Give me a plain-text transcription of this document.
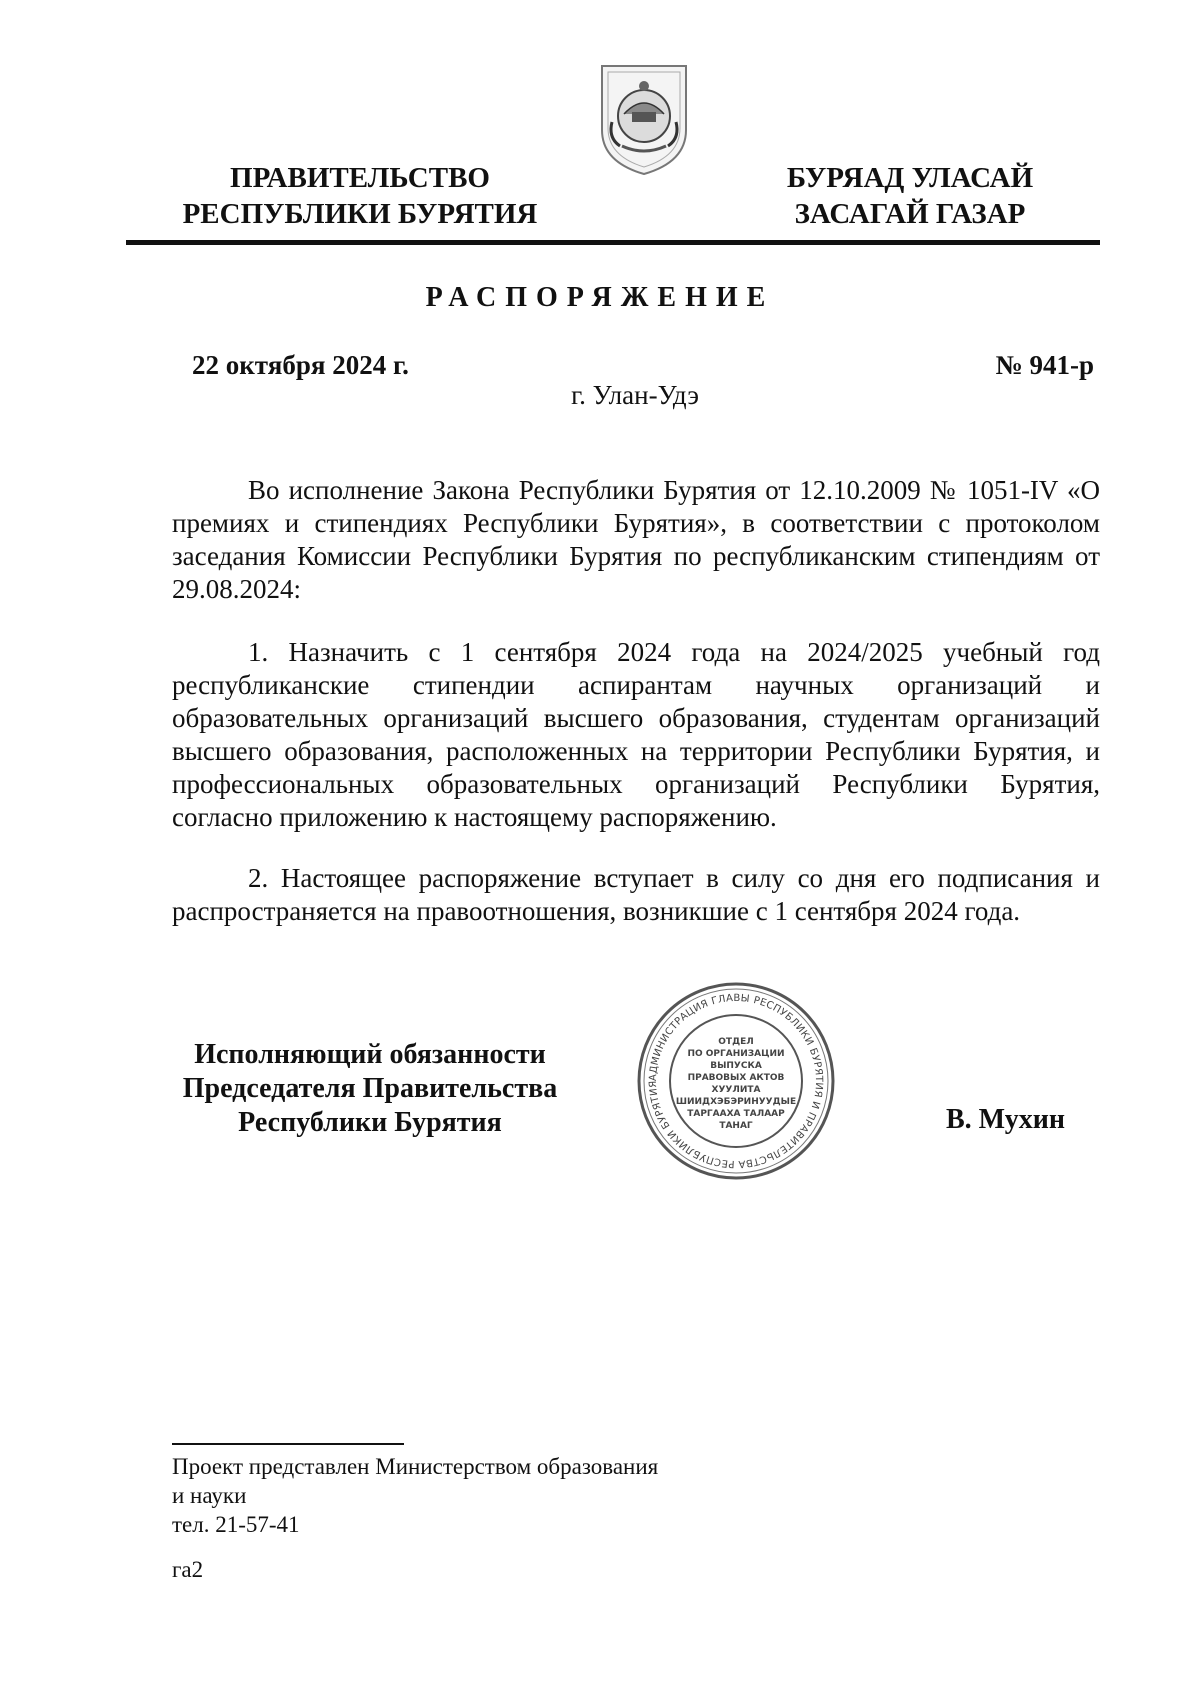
ПРАВИТЕЛЬСТВО
РЕСПУБЛИКИ БУРЯТИЯ
БУРЯАД УЛАСАЙ
ЗАСАГАЙ ГАЗАР
РАСПОРЯЖЕНИЕ
22 октября 2024 г.	№ 941-р
г. Улан-Удэ

Во исполнение Закона Республики Бурятия от 12.10.2009 № 1051-IV «О премиях и стипендиях Республики Бурятия», в соответствии с протоколом заседания Комиссии Республики Бурятия по республиканским стипендиям от 29.08.2024:

1. Назначить с 1 сентября 2024 года на 2024/2025 учебный год республиканские стипендии аспирантам научных организаций и образовательных организаций высшего образования, студентам организаций высшего образования, расположенных на территории Республики Бурятия, и профессиональных образовательных организаций Республики Бурятия, согласно приложению к настоящему распоряжению.

2. Настоящее распоряжение вступает в силу со дня его подписания и распространяется на правоотношения, возникшие с 1 сентября 2024 года.

Исполняющий обязанности
Председателя Правительства
Республики Бурятия
АДМИНИСТРАЦИЯ ГЛАВЫ РЕСПУБЛИКИ БУРЯТИЯ И ПРАВИТЕЛЬСТВА РЕСПУБЛИКИ БУРЯТИЯ
ОТДЕЛ
ПО ОРГАНИЗАЦИИ
ВЫПУСКА
ПРАВОВЫХ АКТОВ
ХУУЛИТА
ШИИДХЭБЭРИНУУДЫЕ
ТАРГААХА ТАЛААР
ТАНАГ	В. Мухин
Проект представлен Министерством образования
и науки
тел. 21-57-41
га2
